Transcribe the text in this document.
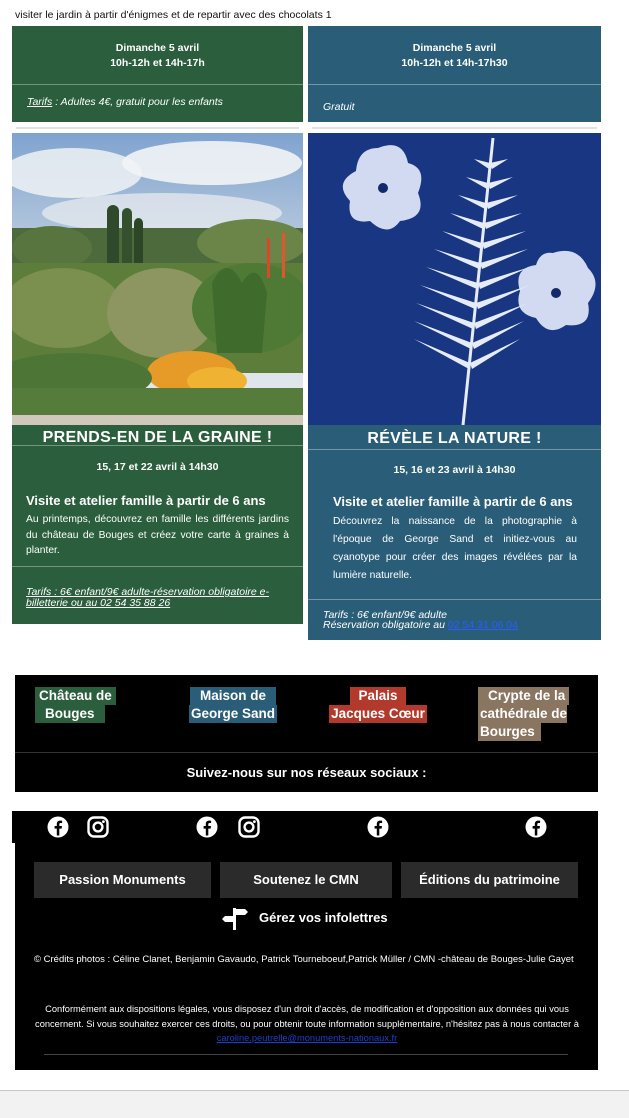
visiter le jardin à partir d'énigmes et de repartir avec des chocolats 1
Dimanche 5 avril
10h-12h et 14h-17h
Tarifs : Adultes 4€, gratuit pour les enfants
Dimanche 5 avril
10h-12h et 14h-17h30
Gratuit
PRENDS-EN DE LA GRAINE !
15, 17 et 22 avril à 14h30
Visite et atelier famille à partir de 6 ans
Au printemps, découvrez en famille les différents jardins du château de Bouges et créez votre carte à graines à planter.
Tarifs : 6€ enfant/9€ adulte-réservation obligatoire e-
billetterie ou au 02 54 35 88 26
RÉVÈLE LA NATURE !
15, 16 et 23 avril à 14h30
Visite et atelier famille à partir de 6 ans
Découvrez la naissance de la photographie à l'époque de George Sand et initiez-vous au cyanotype pour créer des images révélées par la lumière naturelle.
Tarifs : 6€ enfant/9€ adulte
Réservation obligatoire au 02 54 31 06 04
Château de
Bouges
Maison de
George Sand
Palais
Jacques Cœur
Crypte de la
cathédrale de
Bourges
Suivez-nous sur nos réseaux sociaux :
Passion Monuments	Soutenez le CMN	Éditions du patrimoine
Gérez vos infolettres
© Crédits photos : Céline Clanet, Benjamin Gavaudo, Patrick Tourneboeuf,Patrick Müller / CMN -château de Bouges-Julie Gayet
Conformément aux dispositions légales, vous disposez d'un droit d'accès, de modification et d'opposition aux données qui vous concernent. Si vous souhaitez exercer ces droits, ou pour obtenir toute information supplémentaire, n'hésitez pas à nous contacter à caroline.peutrelle@monuments-nationaux.fr
